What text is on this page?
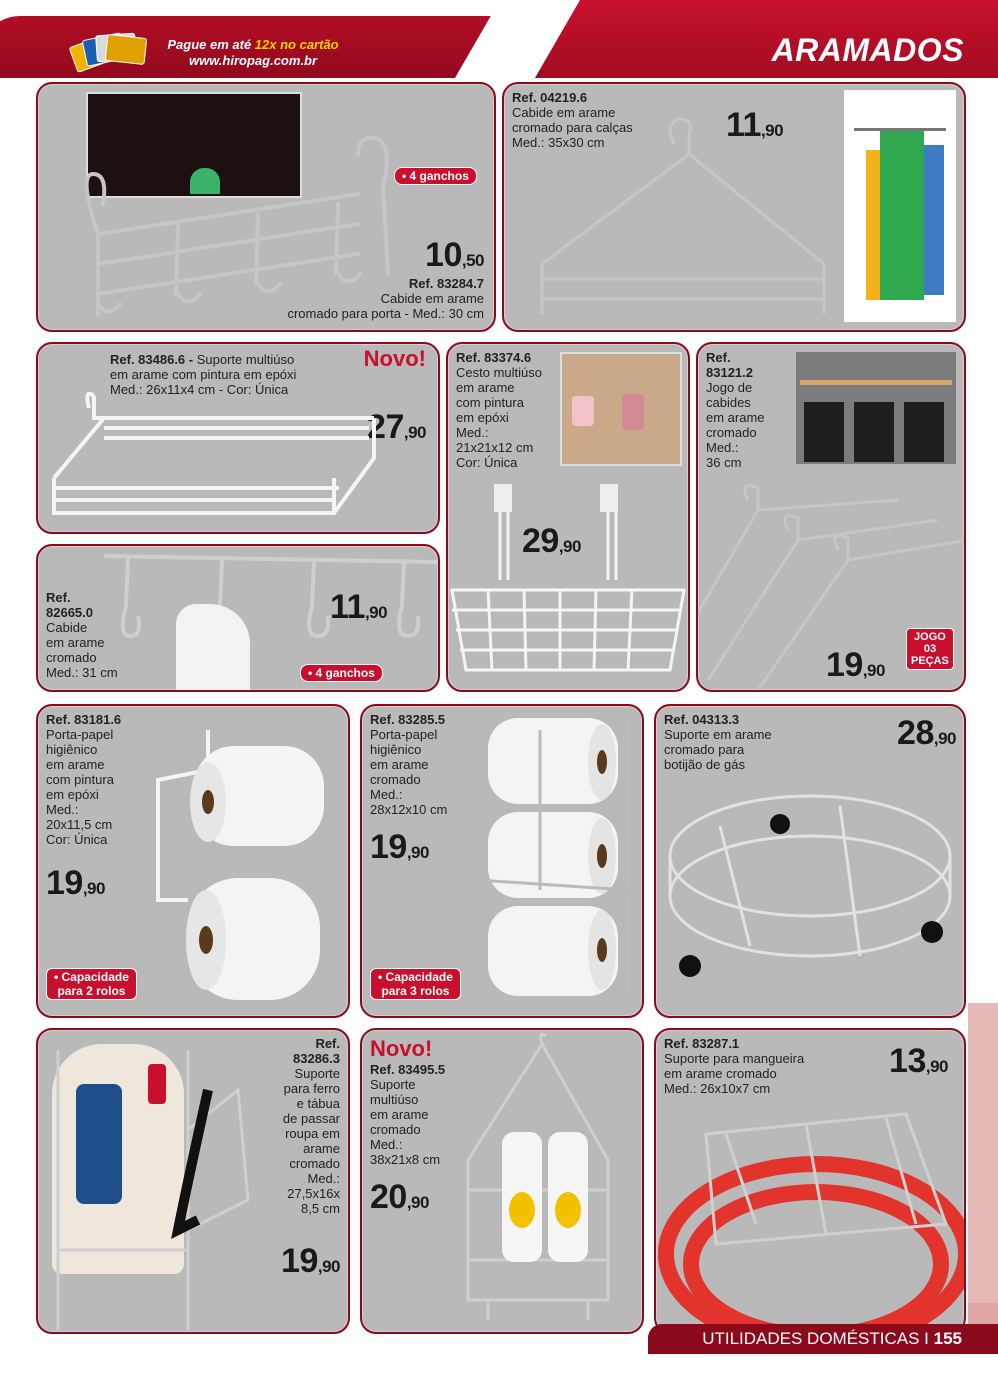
Pague em até 12x no cartão
www.hiropag.com.br	ARAMADOS
• 4 ganchos
10,50
Ref. 83284.7
Cabide em arame
cromado para porta - Med.: 30 cm
Ref. 04219.6
Cabide em arame
cromado para calças
Med.: 35x30 cm	11,90
Ref. 83486.6 - Suporte multiúso
em arame com pintura em epóxi
Med.: 26x11x4 cm - Cor: Única
Novo!
27,90
Ref. 83374.6
Cesto multiúso
em arame
com pintura
em epóxi
Med.:
21x21x12 cm
Cor: Única
29,90
Ref.
83121.2
Jogo de
cabides
em arame
cromado
Med.:
36 cm
JOGO
03
PEÇAS
19,90
Ref.
82665.0
Cabide
em arame
cromado
Med.: 31 cm
11,90
• 4 ganchos
Ref. 83181.6
Porta-papel
higiênico
em arame
com pintura
em epóxi
Med.:
20x11,5 cm
Cor: Única
19,90
• Capacidade
para 2 rolos
Ref. 83285.5
Porta-papel
higiênico
em arame
cromado
Med.:
28x12x10 cm
19,90
• Capacidade
para 3 rolos
Ref. 04313.3
Suporte em arame
cromado para
botijão de gás
28,90
Ref.
83286.3
Suporte
para ferro
e tábua
de passar
roupa em
arame
cromado
Med.:
27,5x16x
8,5 cm
19,90
Novo!
Ref. 83495.5
Suporte
multiúso
em arame
cromado
Med.:
38x21x8 cm
20,90
Ref. 83287.1
Suporte para mangueira
em arame cromado
Med.: 26x10x7 cm
13,90
UTILIDADES DOMÉSTICAS I 155
